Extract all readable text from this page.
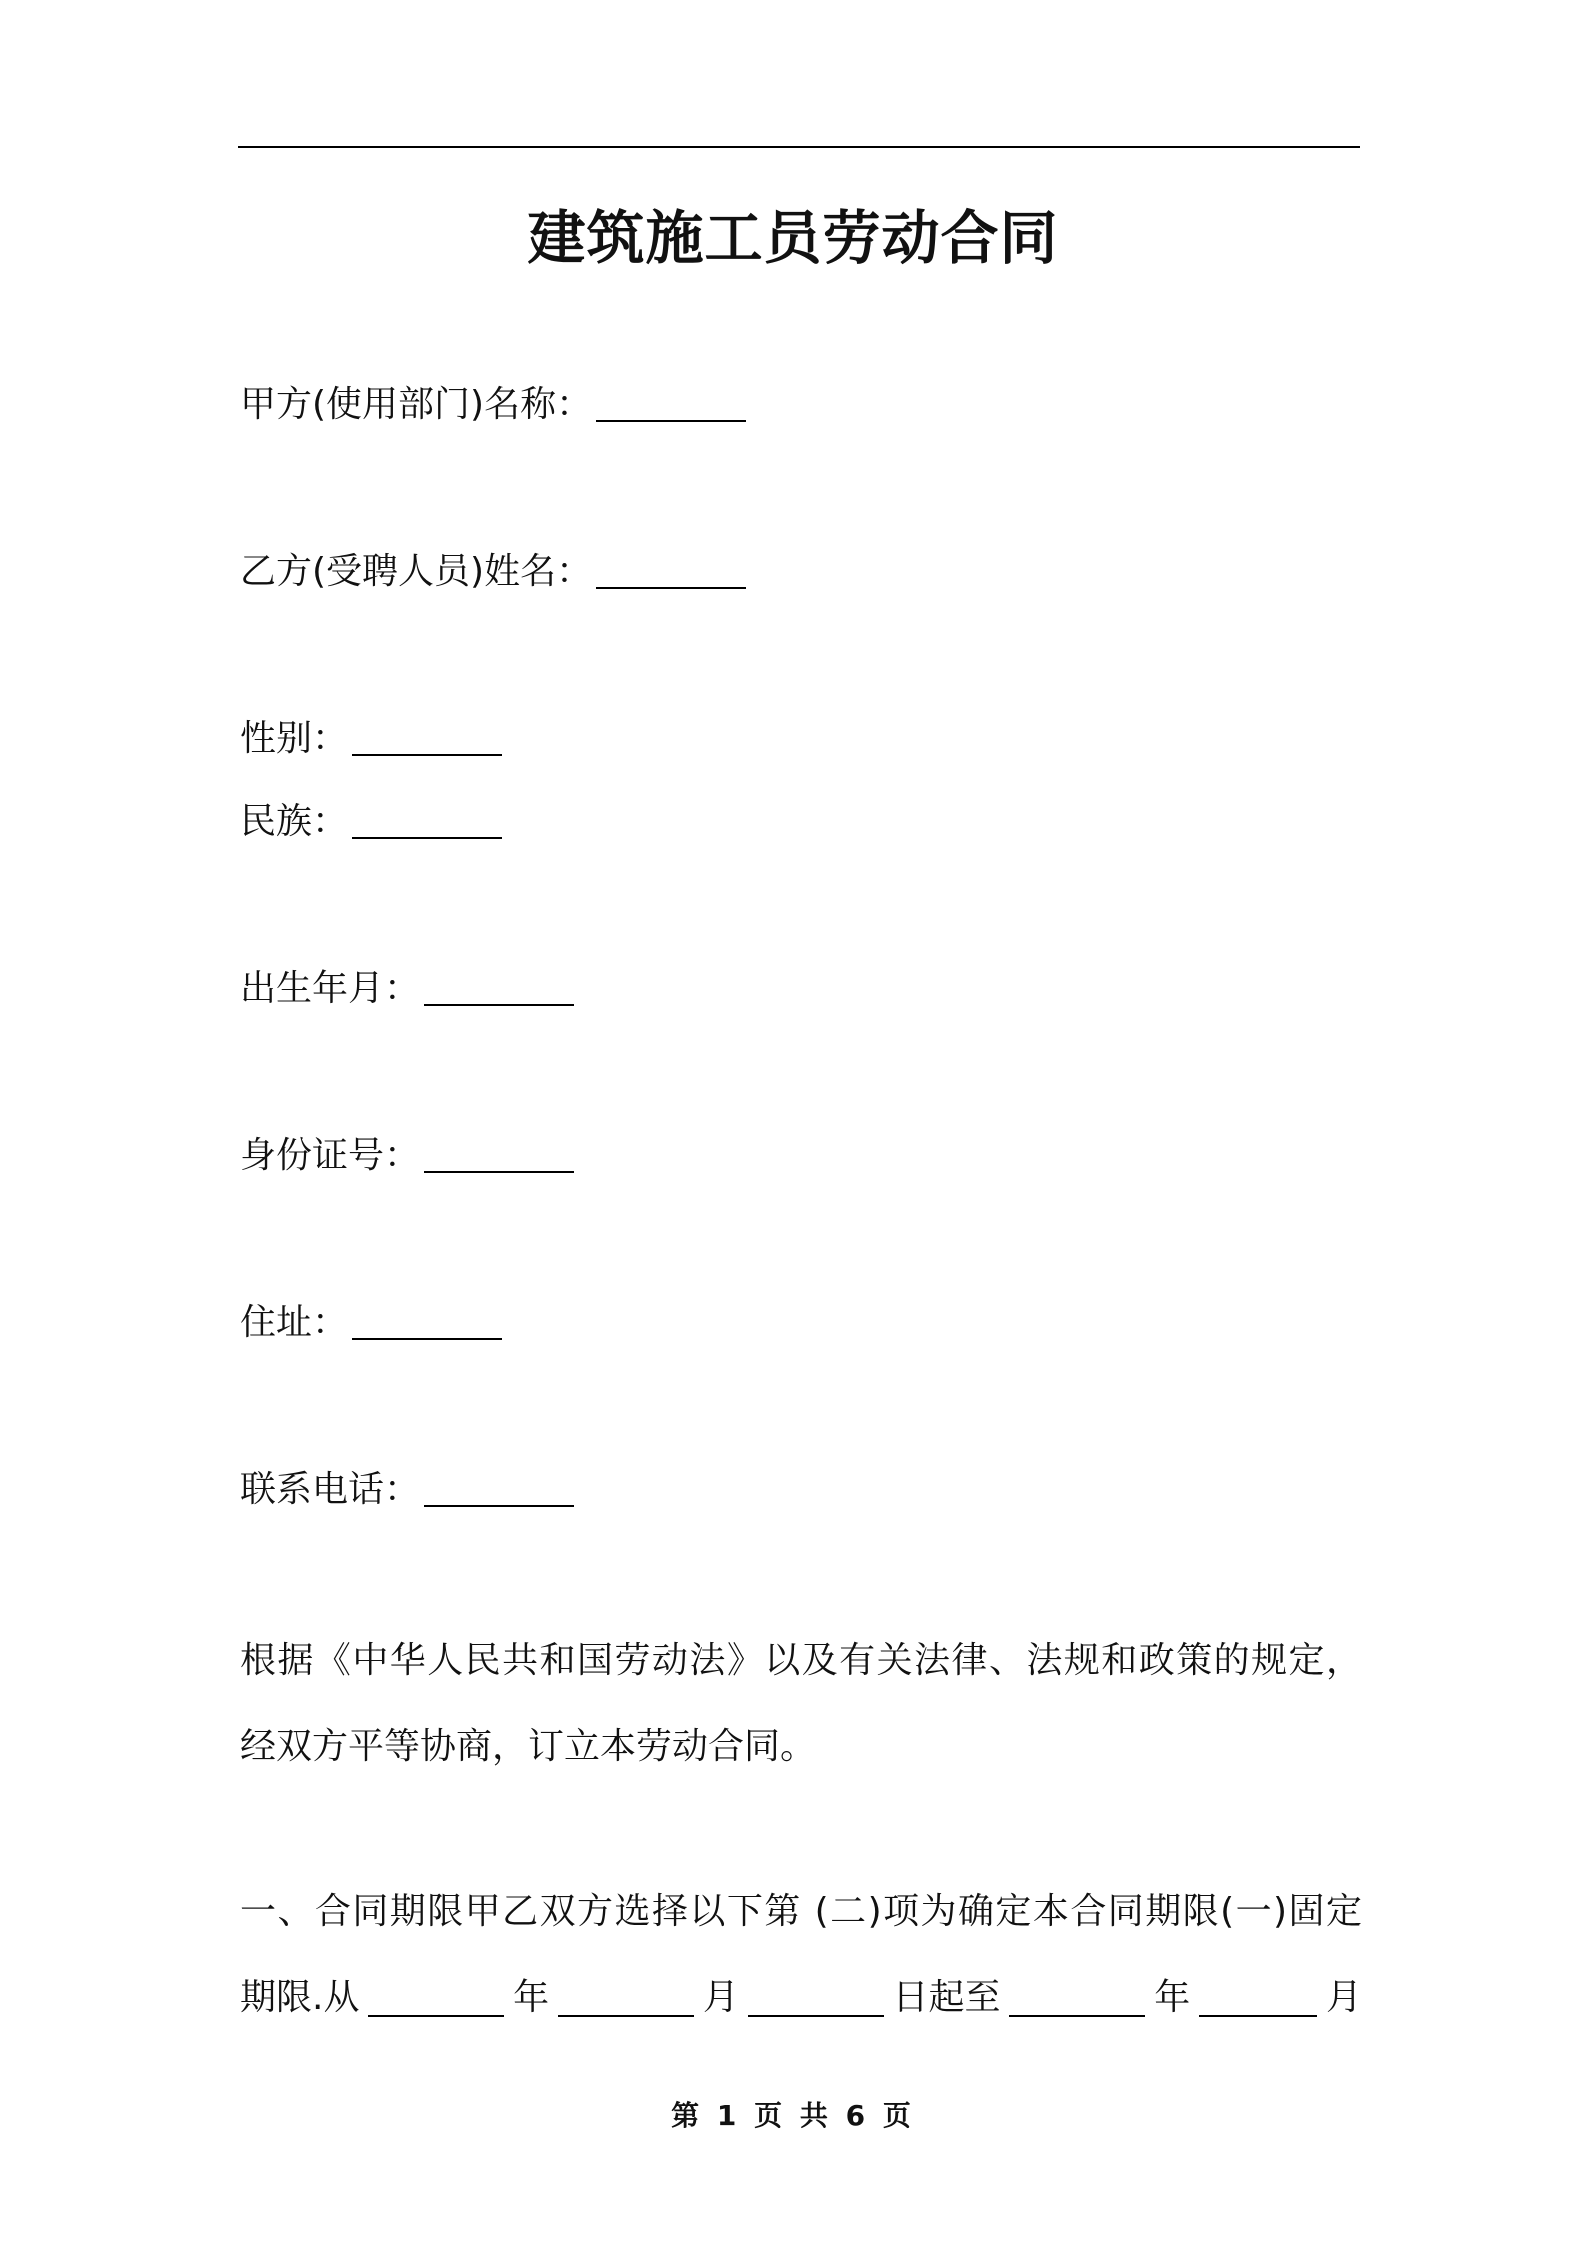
建筑施工员劳动合同
甲方(使用部门)名称：
乙方(受聘人员)姓名：
性别：
民族：
出生年月：
身份证号：
住址：
联系电话：
根据《中华人民共和国劳动法》以及有关法律、法规和政策的规定，
经双方平等协商，订立本劳动合同。
一、合同期限甲乙双方选择以下第 (二)项为确定本合同期限(一)固定
期限.从	年	月	日起至	年	月
第 1 页 共 6 页
